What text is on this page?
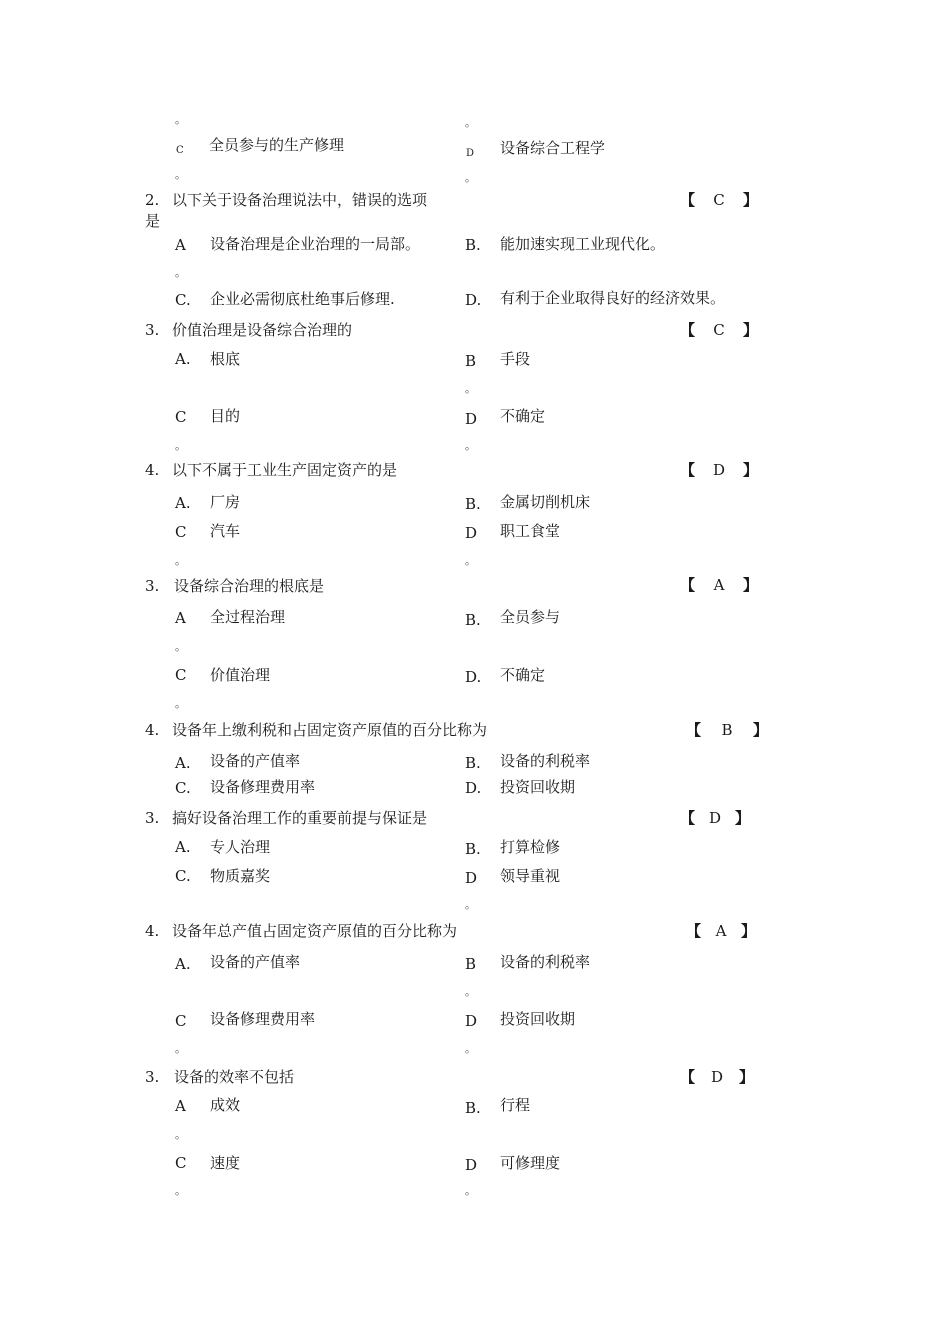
。	。
C 全员参与的生产修理	D 设备综合工程学
。	。
2. 以下关于设备治理说法中，错误的选项
是
【 C 】
A 设备治理是企业治理的一局部。	B. 能加速实现工业现代化。
。
C. 企业必需彻底杜绝事后修理.	D. 有利于企业取得良好的经济效果。
3. 价值治理是设备综合治理的	【 C 】
A. 根底	B 手段
。
C 目的	D 不确定
。	。
4. 以下不属于工业生产固定资产的是	【 D 】
A. 厂房	B. 金属切削机床
C 汽车	D 职工食堂
。	。
3. 设备综合治理的根底是	【 A 】
A 全过程治理	B. 全员参与
。
C 价值治理	D. 不确定
。
4. 设备年上缴利税和占固定资产原值的百分比称为	【 B 】
A. 设备的产值率	B. 设备的利税率
C. 设备修理费用率	D. 投资回收期
3. 搞好设备治理工作的重要前提与保证是	【 D 】
A. 专人治理	B. 打算检修
C. 物质嘉奖	D 领导重视
。
4. 设备年总产值占固定资产原值的百分比称为	【 A 】
A. 设备的产值率	B 设备的利税率
。
C 设备修理费用率	D 投资回收期
。	。
3. 设备的效率不包括	【 D 】
A 成效	B. 行程
。
C 速度	D 可修理度
。	。
